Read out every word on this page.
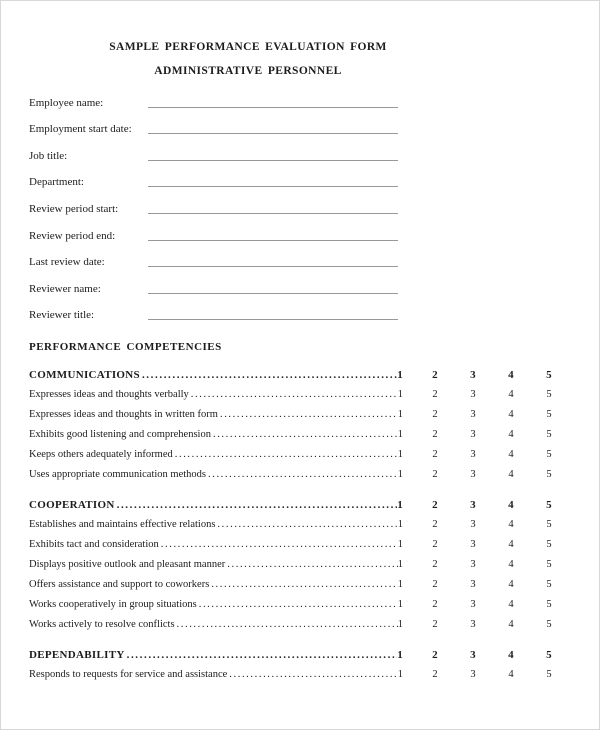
SAMPLE PERFORMANCE EVALUATION FORM
ADMINISTRATIVE PERSONNEL
Employee name:
Employment start date:
Job title:
Department:
Review period start:
Review period end:
Last review date:
Reviewer name:
Reviewer title:
PERFORMANCE COMPETENCIES
COMMUNICATIONS .....	1	2	3	4	5
Expresses ideas and thoughts verbally .....	1	2	3	4	5
Expresses ideas and thoughts in written form .....	1	2	3	4	5
Exhibits good listening and comprehension .....	1	2	3	4	5
Keeps others adequately informed .....	1	2	3	4	5
Uses appropriate communication methods .....	1	2	3	4	5
COOPERATION .....	1	2	3	4	5
Establishes and maintains effective relations .....	1	2	3	4	5
Exhibits tact and consideration .....	1	2	3	4	5
Displays positive outlook and pleasant manner .....	1	2	3	4	5
Offers assistance and support to coworkers .....	1	2	3	4	5
Works cooperatively in group situations .....	1	2	3	4	5
Works actively to resolve conflicts .....	1	2	3	4	5
DEPENDABILITY .....	1	2	3	4	5
Responds to requests for service and assistance .....	1	2	3	4	5
